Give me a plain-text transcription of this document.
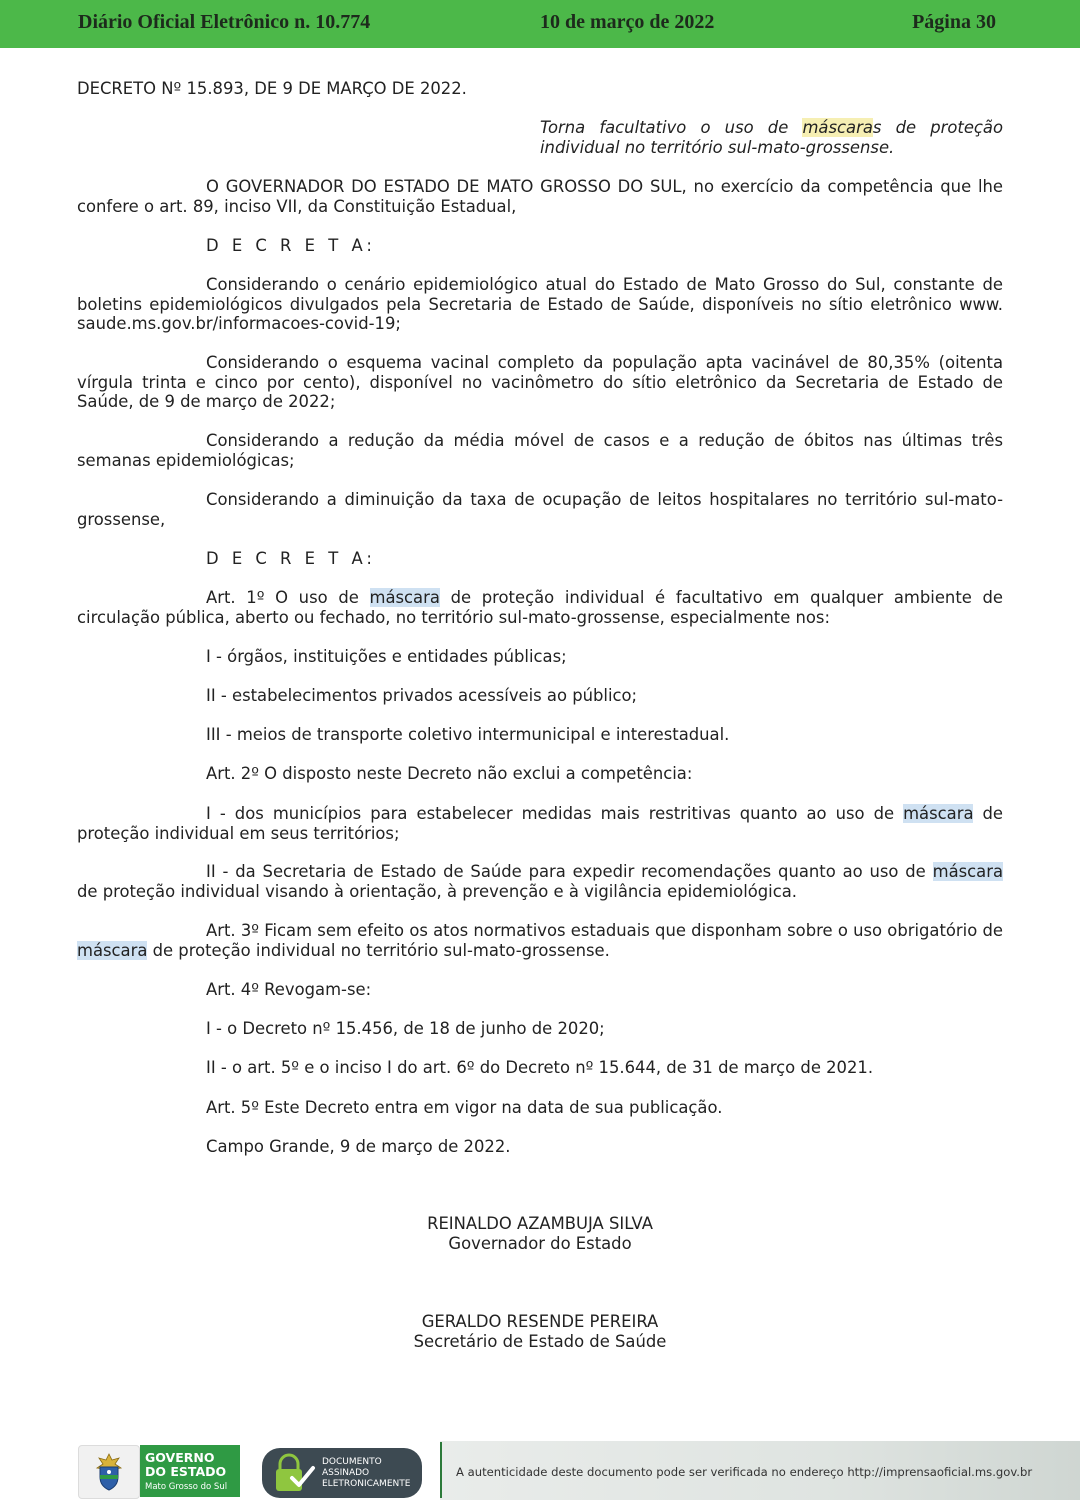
Diário Oficial Eletrônico n. 10.774	10 de março de 2022	Página 30

DECRETO Nº 15.893, DE 9 DE MARÇO DE 2022.

Torna facultativo o uso de máscaras de proteção individual no território sul-mato-grossense.

O GOVERNADOR DO ESTADO DE MATO GROSSO DO SUL, no exercício da competência que lhe confere o art. 89, inciso VII, da Constituição Estadual,

D E C R E T A:

Considerando o cenário epidemiológico atual do Estado de Mato Grosso do Sul, constante de boletins epidemiológicos divulgados pela Secretaria de Estado de Saúde, disponíveis no sítio eletrônico www. saude.ms.gov.br/informacoes-covid-19;

Considerando o esquema vacinal completo da população apta vacinável de 80,35% (oitenta vírgula trinta e cinco por cento), disponível no vacinômetro do sítio eletrônico da Secretaria de Estado de Saúde, de 9 de março de 2022;

Considerando a redução da média móvel de casos e a redução de óbitos nas últimas três semanas epidemiológicas;

Considerando a diminuição da taxa de ocupação de leitos hospitalares no território sul-mato-grossense,

D E C R E T A:

Art. 1º O uso de máscara de proteção individual é facultativo em qualquer ambiente de circulação pública, aberto ou fechado, no território sul-mato-grossense, especialmente nos:

I - órgãos, instituições e entidades públicas;

II - estabelecimentos privados acessíveis ao público;

III - meios de transporte coletivo intermunicipal e interestadual.

Art. 2º O disposto neste Decreto não exclui a competência:

I - dos municípios para estabelecer medidas mais restritivas quanto ao uso de máscara de proteção individual em seus territórios;

II - da Secretaria de Estado de Saúde para expedir recomendações quanto ao uso de máscara de proteção individual visando à orientação, à prevenção e à vigilância epidemiológica.

Art. 3º Ficam sem efeito os atos normativos estaduais que disponham sobre o uso obrigatório de máscara de proteção individual no território sul-mato-grossense.

Art. 4º Revogam-se:

I - o Decreto nº 15.456, de 18 de junho de 2020;

II - o art. 5º e o inciso I do art. 6º do Decreto nº 15.644, de 31 de março de 2021.

Art. 5º Este Decreto entra em vigor na data de sua publicação.

Campo Grande, 9 de março de 2022.

REINALDO AZAMBUJA SILVA
Governador do Estado
GERALDO RESENDE PEREIRA
Secretário de Estado de Saúde
GOVERNO
DO ESTADO
Mato Grosso do Sul
DOCUMENTO
ASSINADO
ELETRONICAMENTE
A autenticidade deste documento pode ser verificada no endereço http://imprensaoficial.ms.gov.br
